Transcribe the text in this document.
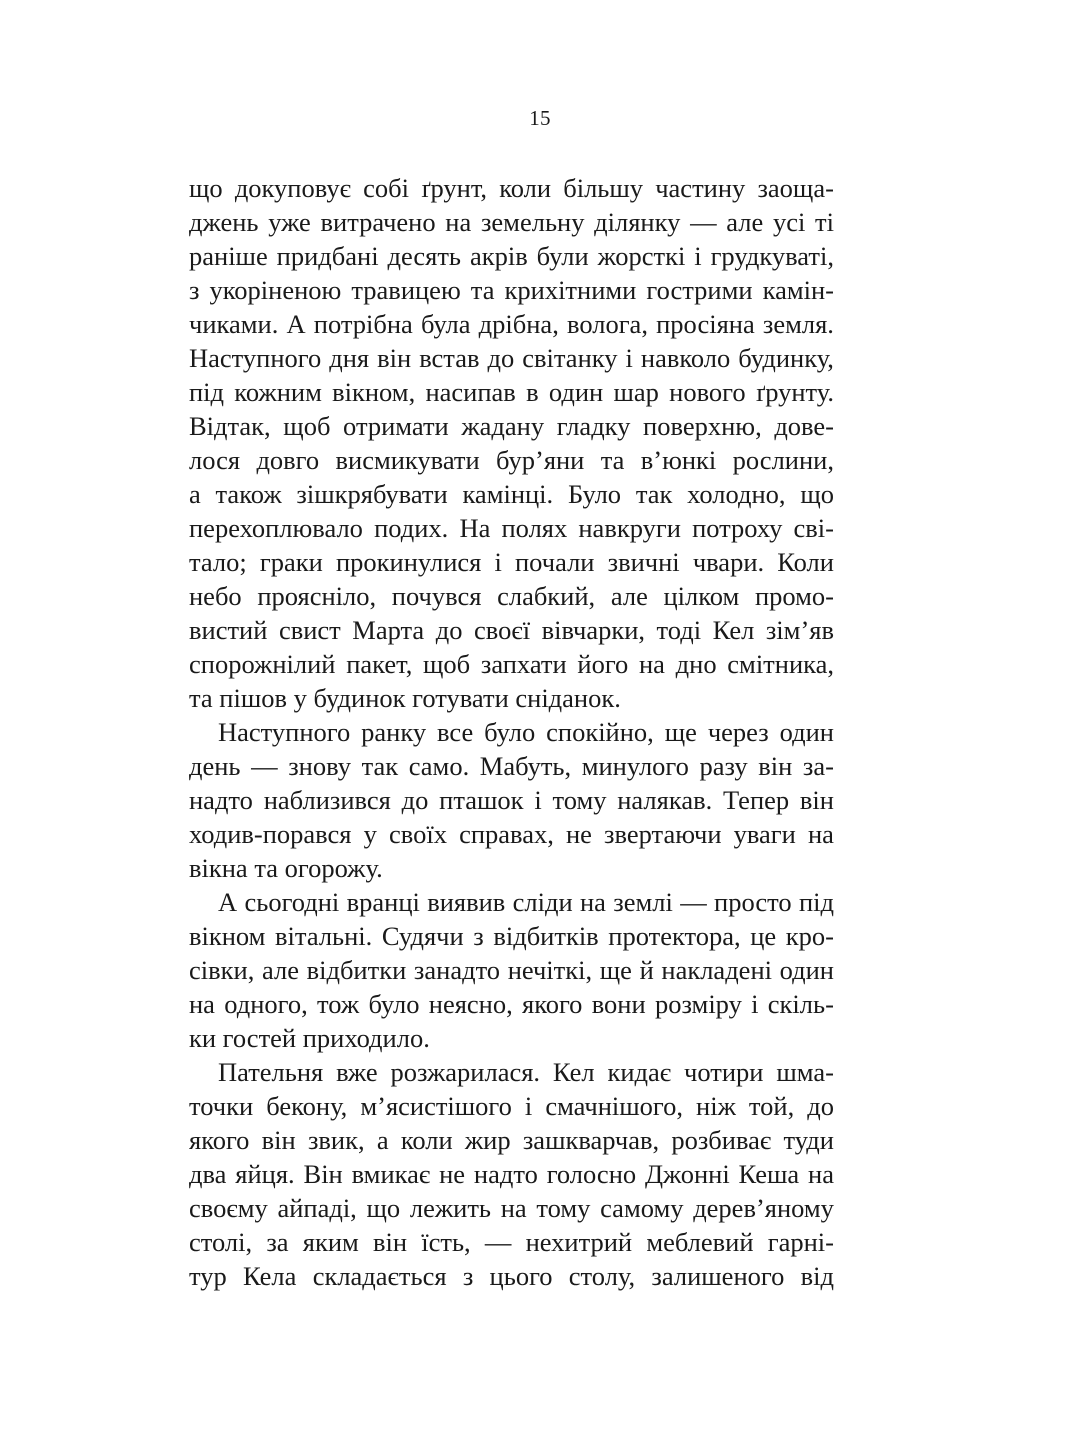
15
що докуповує собі ґрунт, коли більшу частину заоща-
джень уже витрачено на земельну ділянку — але усі ті
раніше придбані десять акрів були жорсткі і грудкуваті,
з укоріненою травицею та крихітними гострими камін-
чиками. А потрібна була дрібна, волога, просіяна земля.
Наступного дня він встав до світанку і навколо будинку,
під кожним вікном, насипав в один шар нового ґрунту.
Відтак, щоб отримати жадану гладку поверхню, дове-
лося довго висмикувати бур’яни та в’юнкі рослини,
а також зішкрябувати камінці. Було так холодно, що
перехоплювало подих. На полях навкруги потроху сві-
тало; граки прокинулися і почали звичні чвари. Коли
небо прояснiло, почувся слабкий, але цілком промо-
вистий свист Марта до своєї вівчарки, тоді Кел зім’яв
спорожнілий пакет, щоб запхати його на дно смітника,
та пішов у будинок готувати сніданок.
Наступного ранку все було спокійно, ще через один
день — знову так само. Мабуть, минулого разу він за-
надто наблизився до пташок і тому налякав. Тепер він
ходив-порався у своїх справах, не звертаючи уваги на
вікна та огорожу.
А сьогодні вранці виявив сліди на землі — просто під
вікном вітальні. Судячи з відбитків протектора, це кро-
сівки, але відбитки занадто нечіткі, ще й накладені один
на одного, тож було неясно, якого вони розміру і скіль-
ки гостей приходило.
Пательня вже розжарилася. Кел кидає чотири шма-
точки бекону, м’ясистішого і смачнішого, ніж той, до
якого він звик, а коли жир зашкварчав, розбиває туди
два яйця. Він вмикає не надто голосно Джонні Кеша на
своєму айпаді, що лежить на тому самому дерев’яному
столі, за яким він їсть, — нехитрий меблевий гарні-
тур Кела складається з цього столу, залишеного від
